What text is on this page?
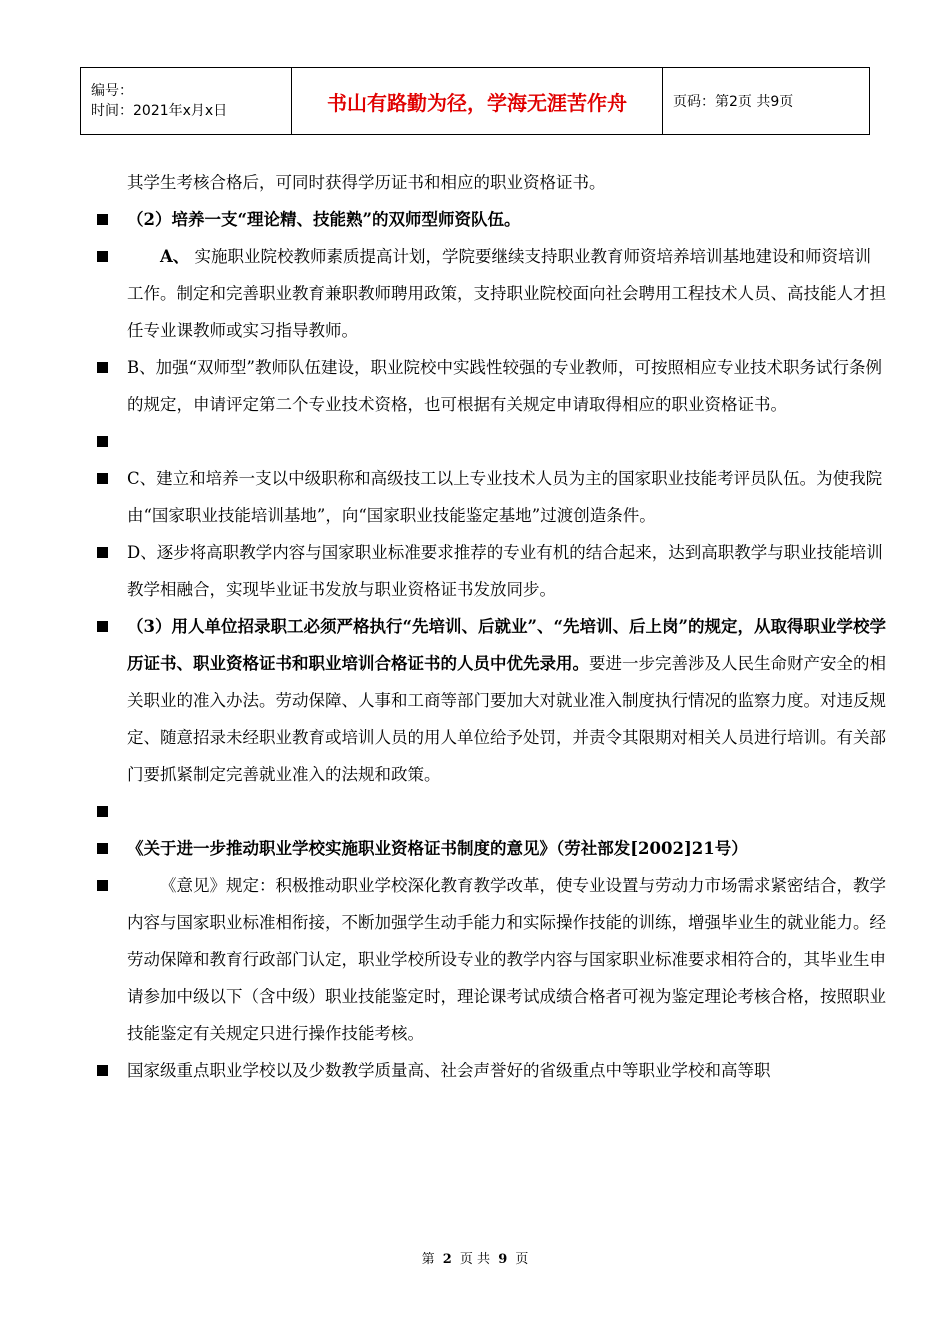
编号：
时间：2021年x月x日	书山有路勤为径，学海无涯苦作舟	页码：第2页 共9页
其学生考核合格后，可同时获得学历证书和相应的职业资格证书。
（2）培养一支“理论精、技能熟”的双师型师资队伍。
A、 实施职业院校教师素质提高计划，学院要继续支持职业教育师资培养培训基地建设和师资培训工作。制定和完善职业教育兼职教师聘用政策，支持职业院校面向社会聘用工程技术人员、高技能人才担任专业课教师或实习指导教师。
B、加强“双师型”教师队伍建设，职业院校中实践性较强的专业教师，可按照相应专业技术职务试行条例的规定，申请评定第二个专业技术资格，也可根据有关规定申请取得相应的职业资格证书。
C、建立和培养一支以中级职称和高级技工以上专业技术人员为主的国家职业技能考评员队伍。为使我院由“国家职业技能培训基地”，向“国家职业技能鉴定基地”过渡创造条件。
D、逐步将高职教学内容与国家职业标准要求推荐的专业有机的结合起来，达到高职教学与职业技能培训教学相融合，实现毕业证书发放与职业资格证书发放同步。
（3）用人单位招录职工必须严格执行“先培训、后就业”、“先培训、后上岗”的规定，从取得职业学校学历证书、职业资格证书和职业培训合格证书的人员中优先录用。要进一步完善涉及人民生命财产安全的相关职业的准入办法。劳动保障、人事和工商等部门要加大对就业准入制度执行情况的监察力度。对违反规定、随意招录未经职业教育或培训人员的用人单位给予处罚，并责令其限期对相关人员进行培训。有关部门要抓紧制定完善就业准入的法规和政策。
《关于进一步推动职业学校实施职业资格证书制度的意见》（劳社部发[2002]21号）
《意见》规定：积极推动职业学校深化教育教学改革，使专业设置与劳动力市场需求紧密结合，教学内容与国家职业标准相衔接，不断加强学生动手能力和实际操作技能的训练，增强毕业生的就业能力。经劳动保障和教育行政部门认定，职业学校所设专业的教学内容与国家职业标准要求相符合的，其毕业生申请参加中级以下（含中级）职业技能鉴定时，理论课考试成绩合格者可视为鉴定理论考核合格，按照职业技能鉴定有关规定只进行操作技能考核。
国家级重点职业学校以及少数教学质量高、社会声誉好的省级重点中等职业学校和高等职
第 2 页 共 9 页
